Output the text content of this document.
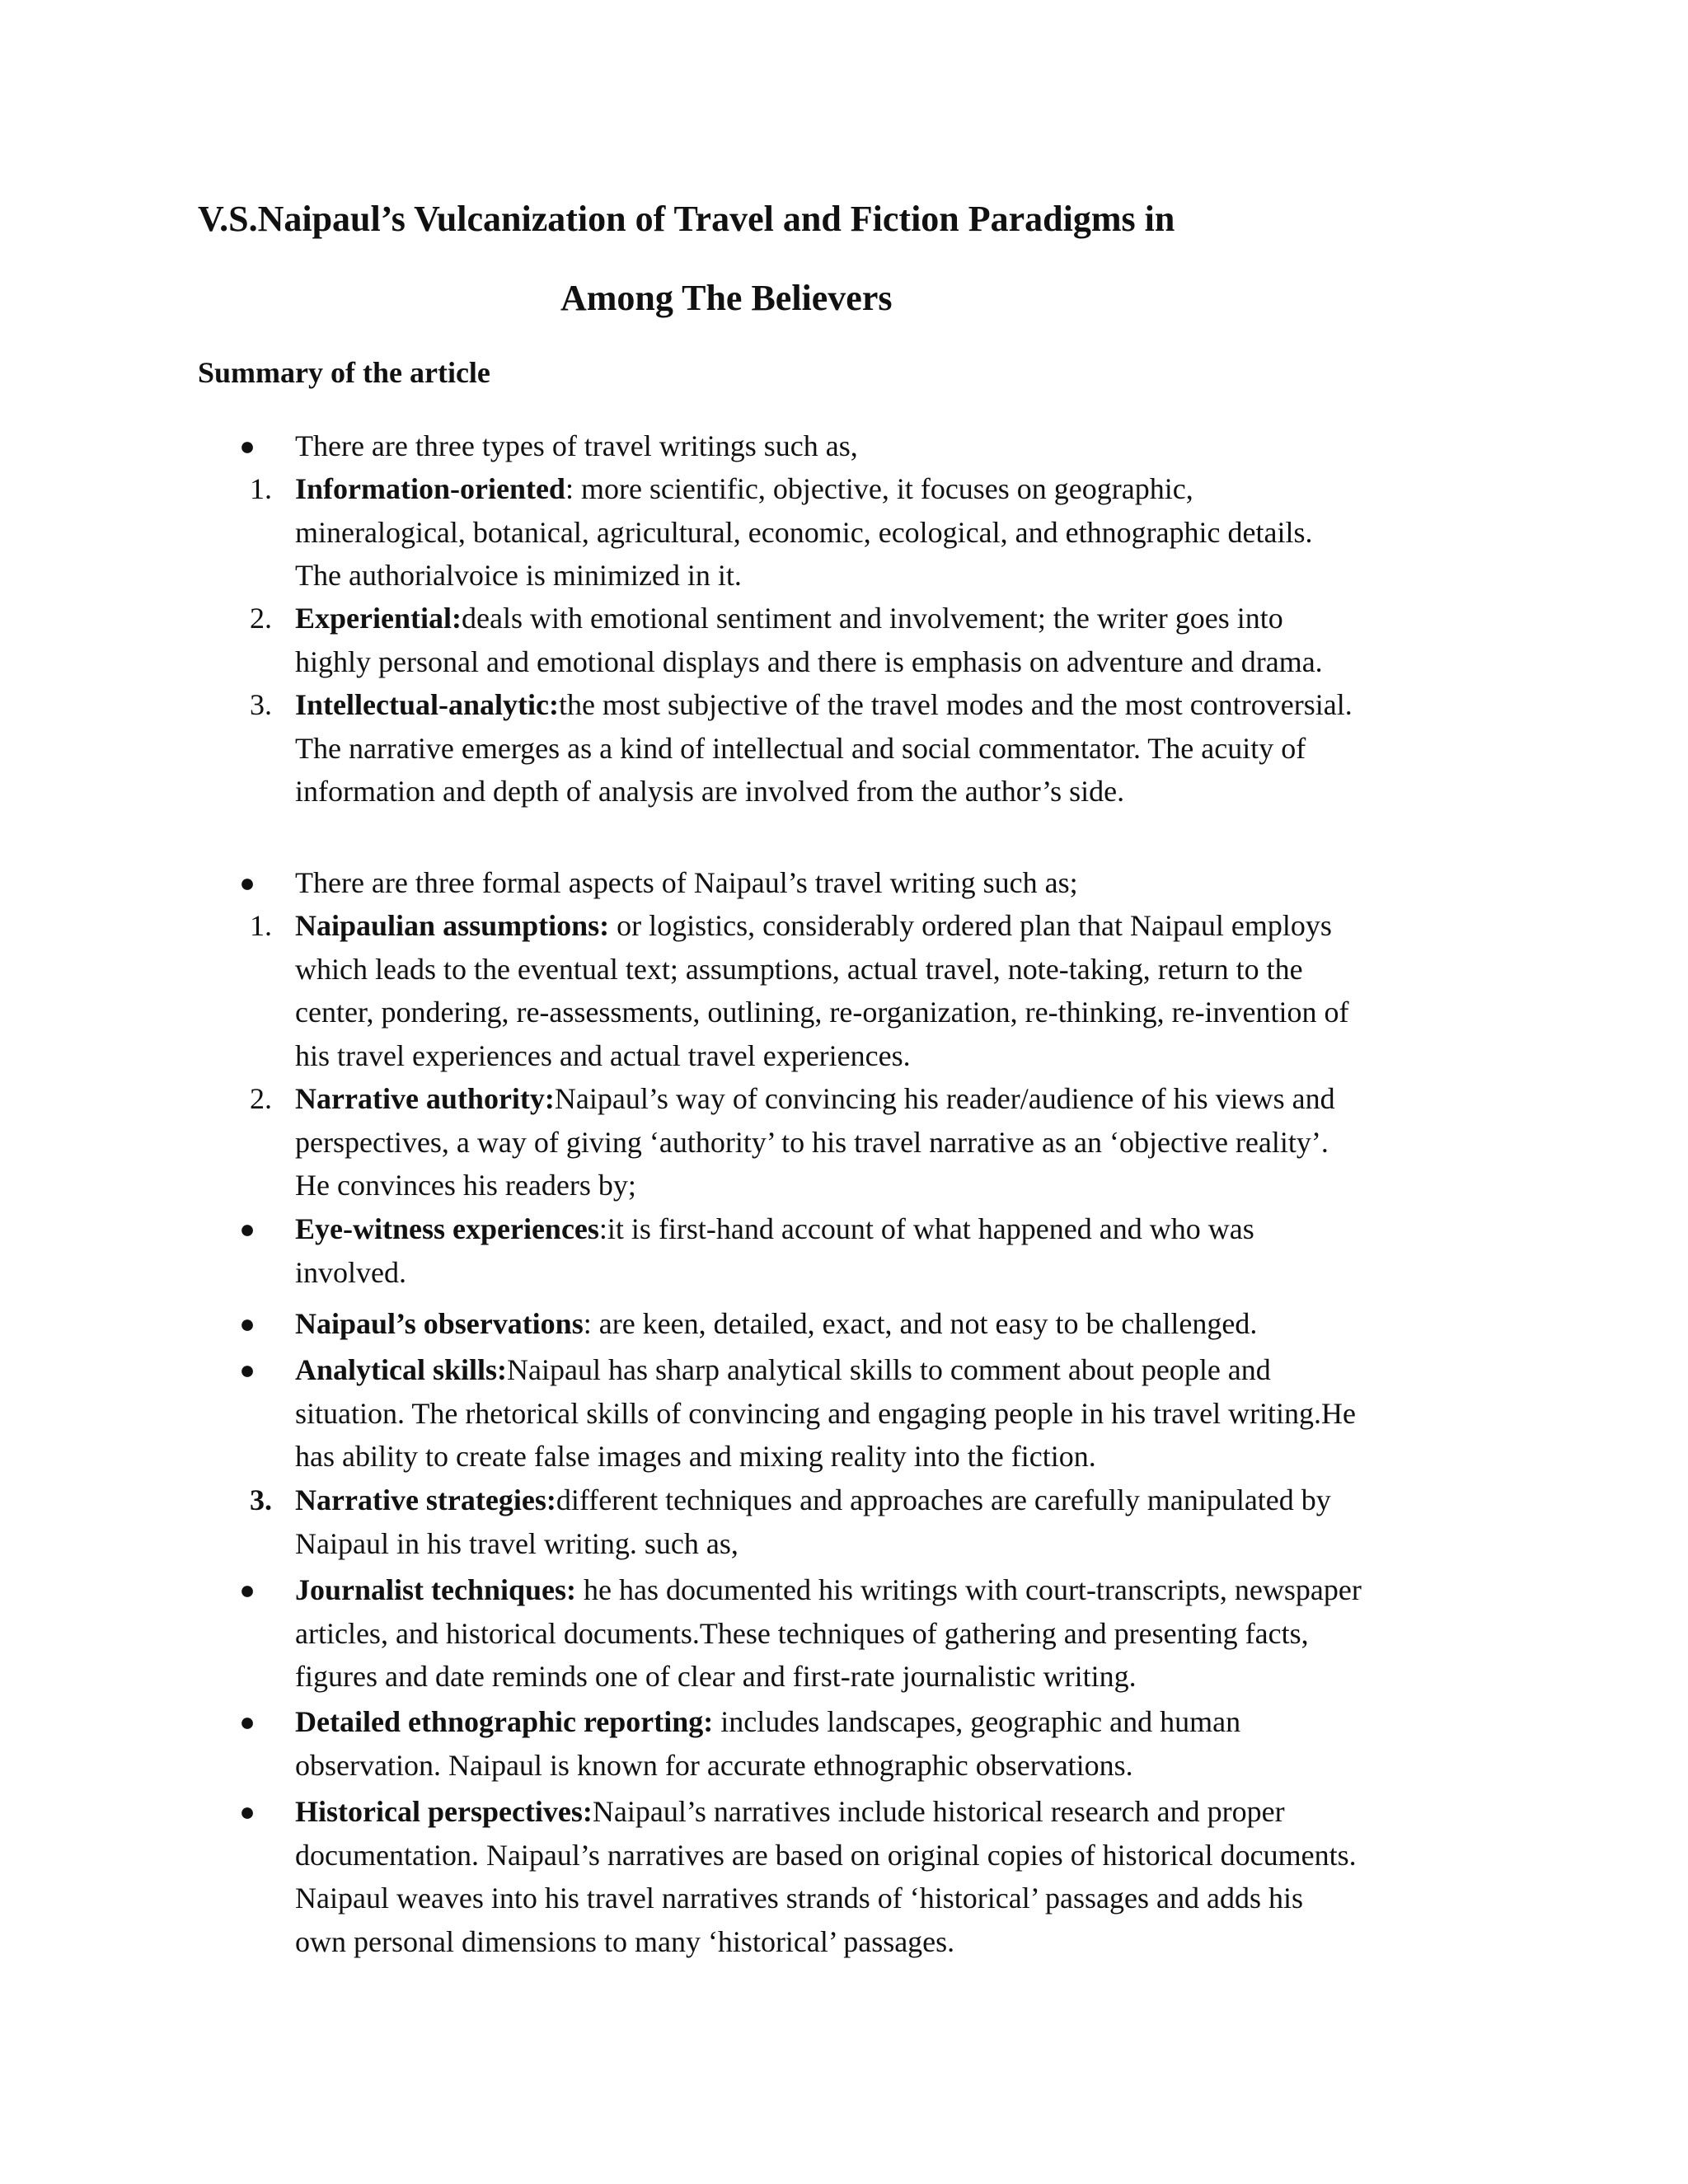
V.S.Naipaul’s Vulcanization of Travel and Fiction Paradigms in
Among The Believers
Summary of the article
● There are three types of travel writings such as,
1. Information-oriented: more scientific, objective, it focuses on geographic,
mineralogical, botanical, agricultural, economic, ecological, and ethnographic details.
The authorialvoice is minimized in it.
2. Experiential:deals with emotional sentiment and involvement; the writer goes into
highly personal and emotional displays and there is emphasis on adventure and drama.
3. Intellectual-analytic:the most subjective of the travel modes and the most controversial.
The narrative emerges as a kind of intellectual and social commentator. The acuity of
information and depth of analysis are involved from the author’s side.
● There are three formal aspects of Naipaul’s travel writing such as;
1. Naipaulian assumptions: or logistics, considerably ordered plan that Naipaul employs
which leads to the eventual text; assumptions, actual travel, note-taking, return to the
center, pondering, re-assessments, outlining, re-organization, re-thinking, re-invention of
his travel experiences and actual travel experiences.
2. Narrative authority:Naipaul’s way of convincing his reader/audience of his views and
perspectives, a way of giving ‘authority’ to his travel narrative as an ‘objective reality’.
He convinces his readers by;
● Eye-witness experiences:it is first-hand account of what happened and who was
involved.
● Naipaul’s observations: are keen, detailed, exact, and not easy to be challenged.
● Analytical skills:Naipaul has sharp analytical skills to comment about people and
situation. The rhetorical skills of convincing and engaging people in his travel writing.He
has ability to create false images and mixing reality into the fiction.
3. Narrative strategies:different techniques and approaches are carefully manipulated by
Naipaul in his travel writing. such as,
● Journalist techniques: he has documented his writings with court-transcripts, newspaper
articles, and historical documents.These techniques of gathering and presenting facts,
figures and date reminds one of clear and first-rate journalistic writing.
● Detailed ethnographic reporting: includes landscapes, geographic and human
observation. Naipaul is known for accurate ethnographic observations.
● Historical perspectives:Naipaul’s narratives include historical research and proper
documentation. Naipaul’s narratives are based on original copies of historical documents.
Naipaul weaves into his travel narratives strands of ‘historical’ passages and adds his
own personal dimensions to many ‘historical’ passages.
